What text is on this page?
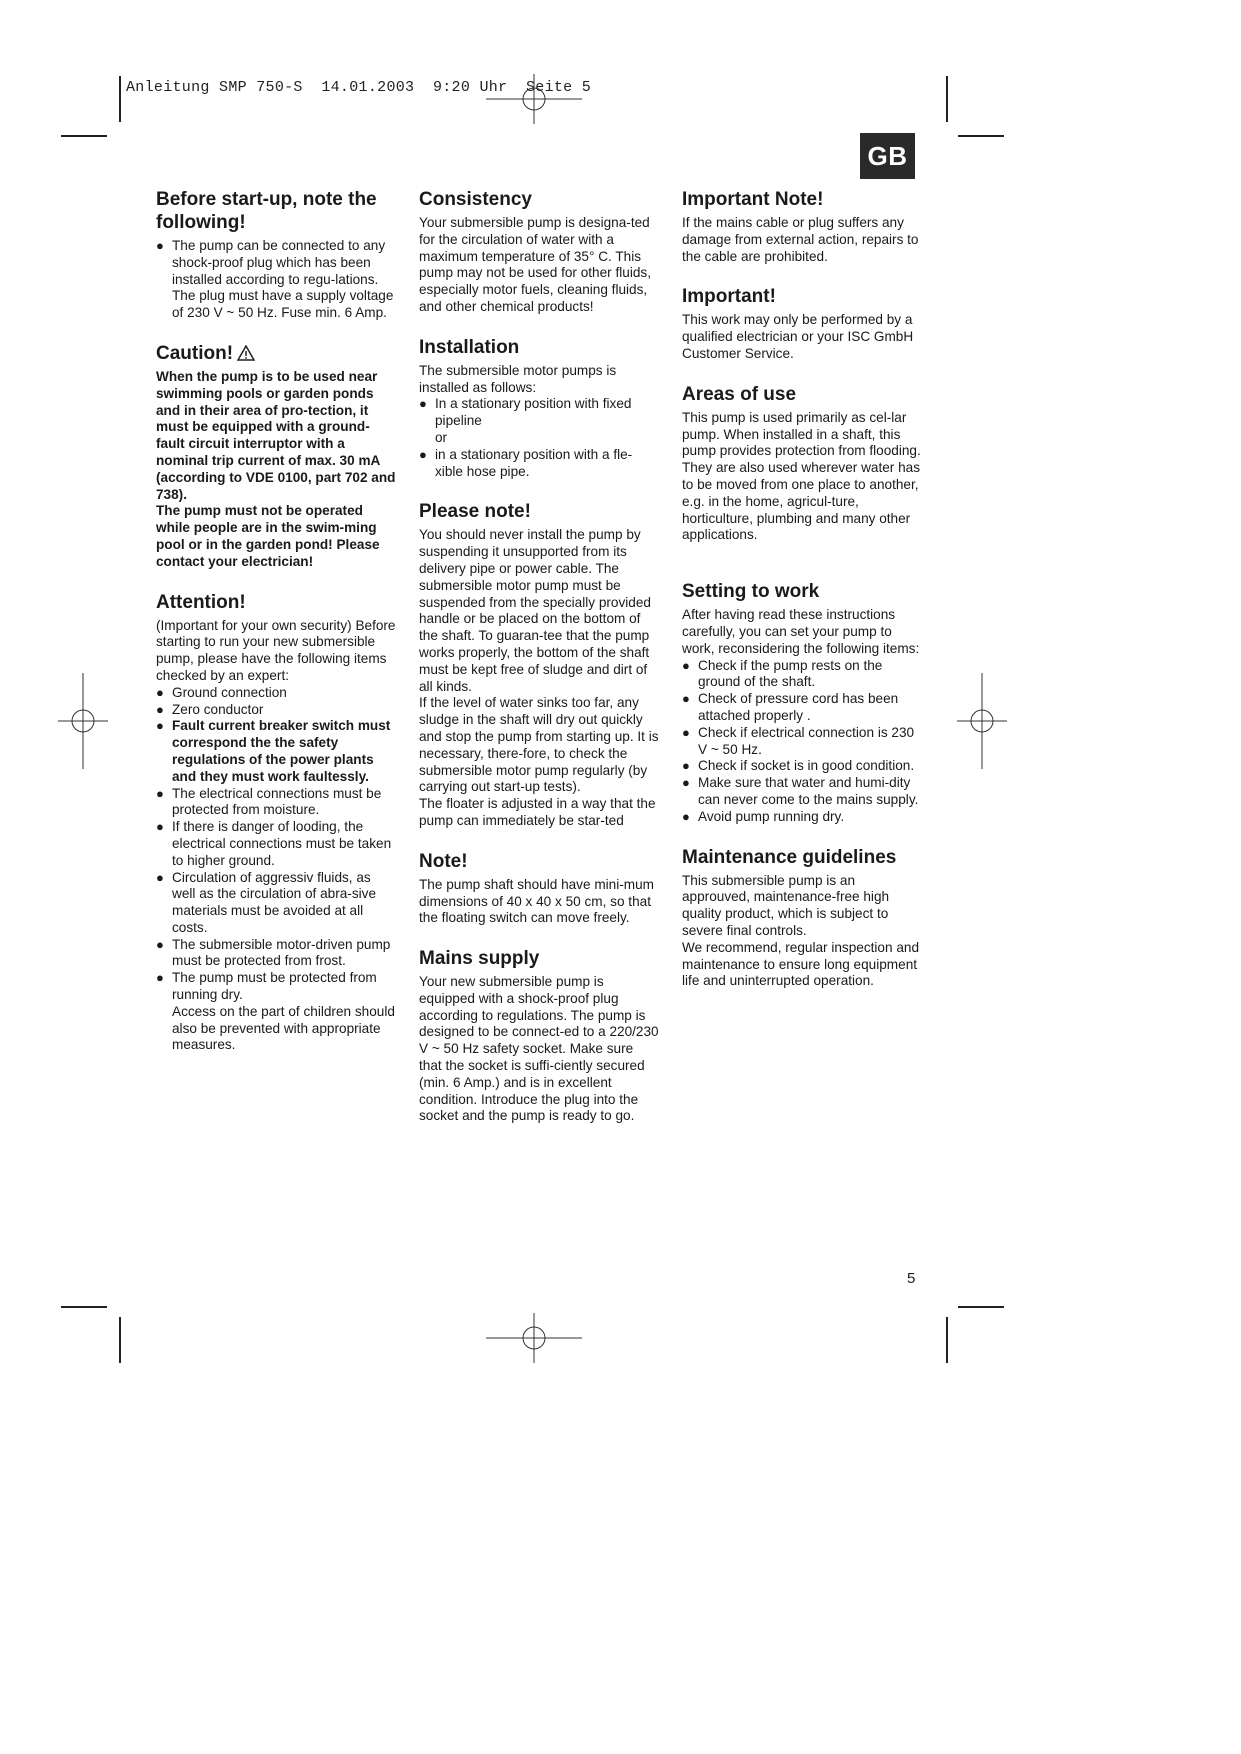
Anleitung SMP 750-S  14.01.2003  9:20 Uhr  Seite 5
GB
Before start-up, note the following!
● The pump can be connected to any shock-proof plug which has been installed according to regu-lations. The plug must have a supply voltage of 230 V ~ 50 Hz. Fuse min. 6 Amp.
Caution!

When the pump is to be used near swimming pools or garden ponds and in their area of pro-tection, it must be equipped with a ground-fault circuit interruptor with a nominal trip current of max. 30 mA (according to VDE 0100, part 702 and 738).

The pump must not be operated while people are in the swim-ming pool or in the garden pond! Please contact your electrician!

Attention!

(Important for your own security) Before starting to run your new submersible pump, please have the following items checked by an expert:

● Ground connection
● Zero conductor
● Fault current breaker switch must correspond the the safety regulations of the power plants and they must work faultessly.
● The electrical connections must be protected from moisture.
● If there is danger of looding, the electrical connections must be taken to higher ground.
● Circulation of aggressiv fluids, as well as the circulation of abra-sive materials must be avoided at all costs.
● The submersible motor-driven pump must be protected from frost.
● The pump must be protected from running dry.

Access on the part of children should also be prevented with appropriate measures.

Consistency

Your submersible pump is designa-ted for the circulation of water with a maximum temperature of 35° C. This pump may not be used for other fluids, especially motor fuels, cleaning fluids, and other chemical products!

Installation

The submersible motor pumps is installed as follows:

● In a stationary position with fixed pipeline
or
● in a stationary position with a fle-xible hose pipe.
Please note!

You should never install the pump by suspending it unsupported from its delivery pipe or power cable. The submersible motor pump must be suspended from the specially provided handle or be placed on the bottom of the shaft. To guaran-tee that the pump works properly, the bottom of the shaft must be kept free of sludge and dirt of all kinds.

If the level of water sinks too far, any sludge in the shaft will dry out quickly and stop the pump from starting up. It is necessary, there-fore, to check the submersible motor pump regularly (by carrying out start-up tests).

The floater is adjusted in a way that the pump can immediately be star-ted

Note!

The pump shaft should have mini-mum dimensions of 40 x 40 x 50 cm, so that the floating switch can move freely.

Mains supply

Your new submersible pump is equipped with a shock-proof plug according to regulations. The pump is designed to be connect-ed to a 220/230 V ~ 50 Hz safety socket. Make sure that the socket is suffi-ciently secured (min. 6 Amp.) and is in excellent condition. Introduce the plug into the socket and the pump is ready to go.

Important Note!

If the mains cable or plug suffers any damage from external action, repairs to the cable are prohibited.

Important!

This work may only be performed by a qualified electrician or your ISC GmbH Customer Service.

Areas of use

This pump is used primarily as cel-lar pump. When installed in a shaft, this pump provides protection from flooding.

They are also used wherever water has to be moved from one place to another, e.g. in the home, agricul-ture, horticulture, plumbing and many other applications.

Setting to work

After having read these instructions carefully, you can set your pump to work, reconsidering the following items:

● Check if the pump rests on the ground of the shaft.
● Check of pressure cord has been attached properly .
● Check if electrical connection is 230 V ~ 50 Hz.
● Check if socket is in good condition.
● Make sure that water and humi-dity can never come to the mains supply.
● Avoid pump running dry.
Maintenance guidelines

This submersible pump is an approuved, maintenance-free high quality product, which is subject to severe final controls.

We recommend, regular inspection and maintenance to ensure long equipment life and uninterrupted operation.

5
